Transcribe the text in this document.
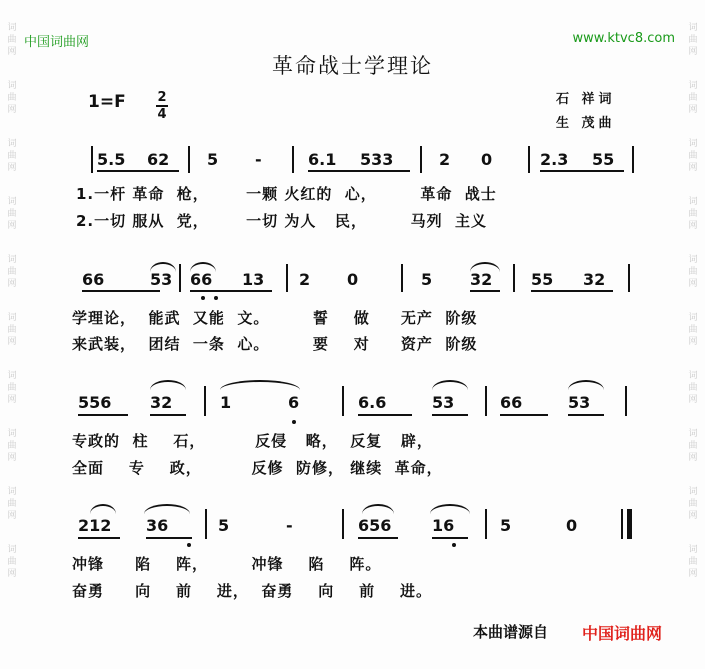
词
曲
网
词
曲
网
词
曲
网
词
曲
网
词
曲
网
词
曲
网
词
曲
网
词
曲
网
词
曲
网
词
曲
网
词
曲
网
词
曲
网
词
曲
网
词
曲
网
词
曲
网
词
曲
网
词
曲
网
词
曲
网
词
曲
网
词
曲
网
中国词曲网	www.ktvc8.com
革命战士学理论
1=F 2
4
石 祥词
生 茂曲
5.5 62 5 -	6.1 533	2 0	2.3 55
1.一杆 革命  枪，      一颗 火红的  心，       革命  战士
2.一切 服从  党，      一切 为人   民，       马列  主义
66	53 66 13 2 0	5 32 55 32
学理论，  能武  又能  文。       誓    做     无产  阶级
来武装，  团结  一条  心。       要    对     资产  阶级
556 32	1	6	6.6	53	66	53
专政的  柱    石，        反侵   略，  反复   辟，
全面    专    政，        反修  防修， 继续  革命，
212 36	5	-	656	16	5	0
冲锋     陷    阵，       冲锋    陷    阵。
奋勇     向    前    进，  奋勇    向    前    进。
本曲谱源自 中国词曲网
